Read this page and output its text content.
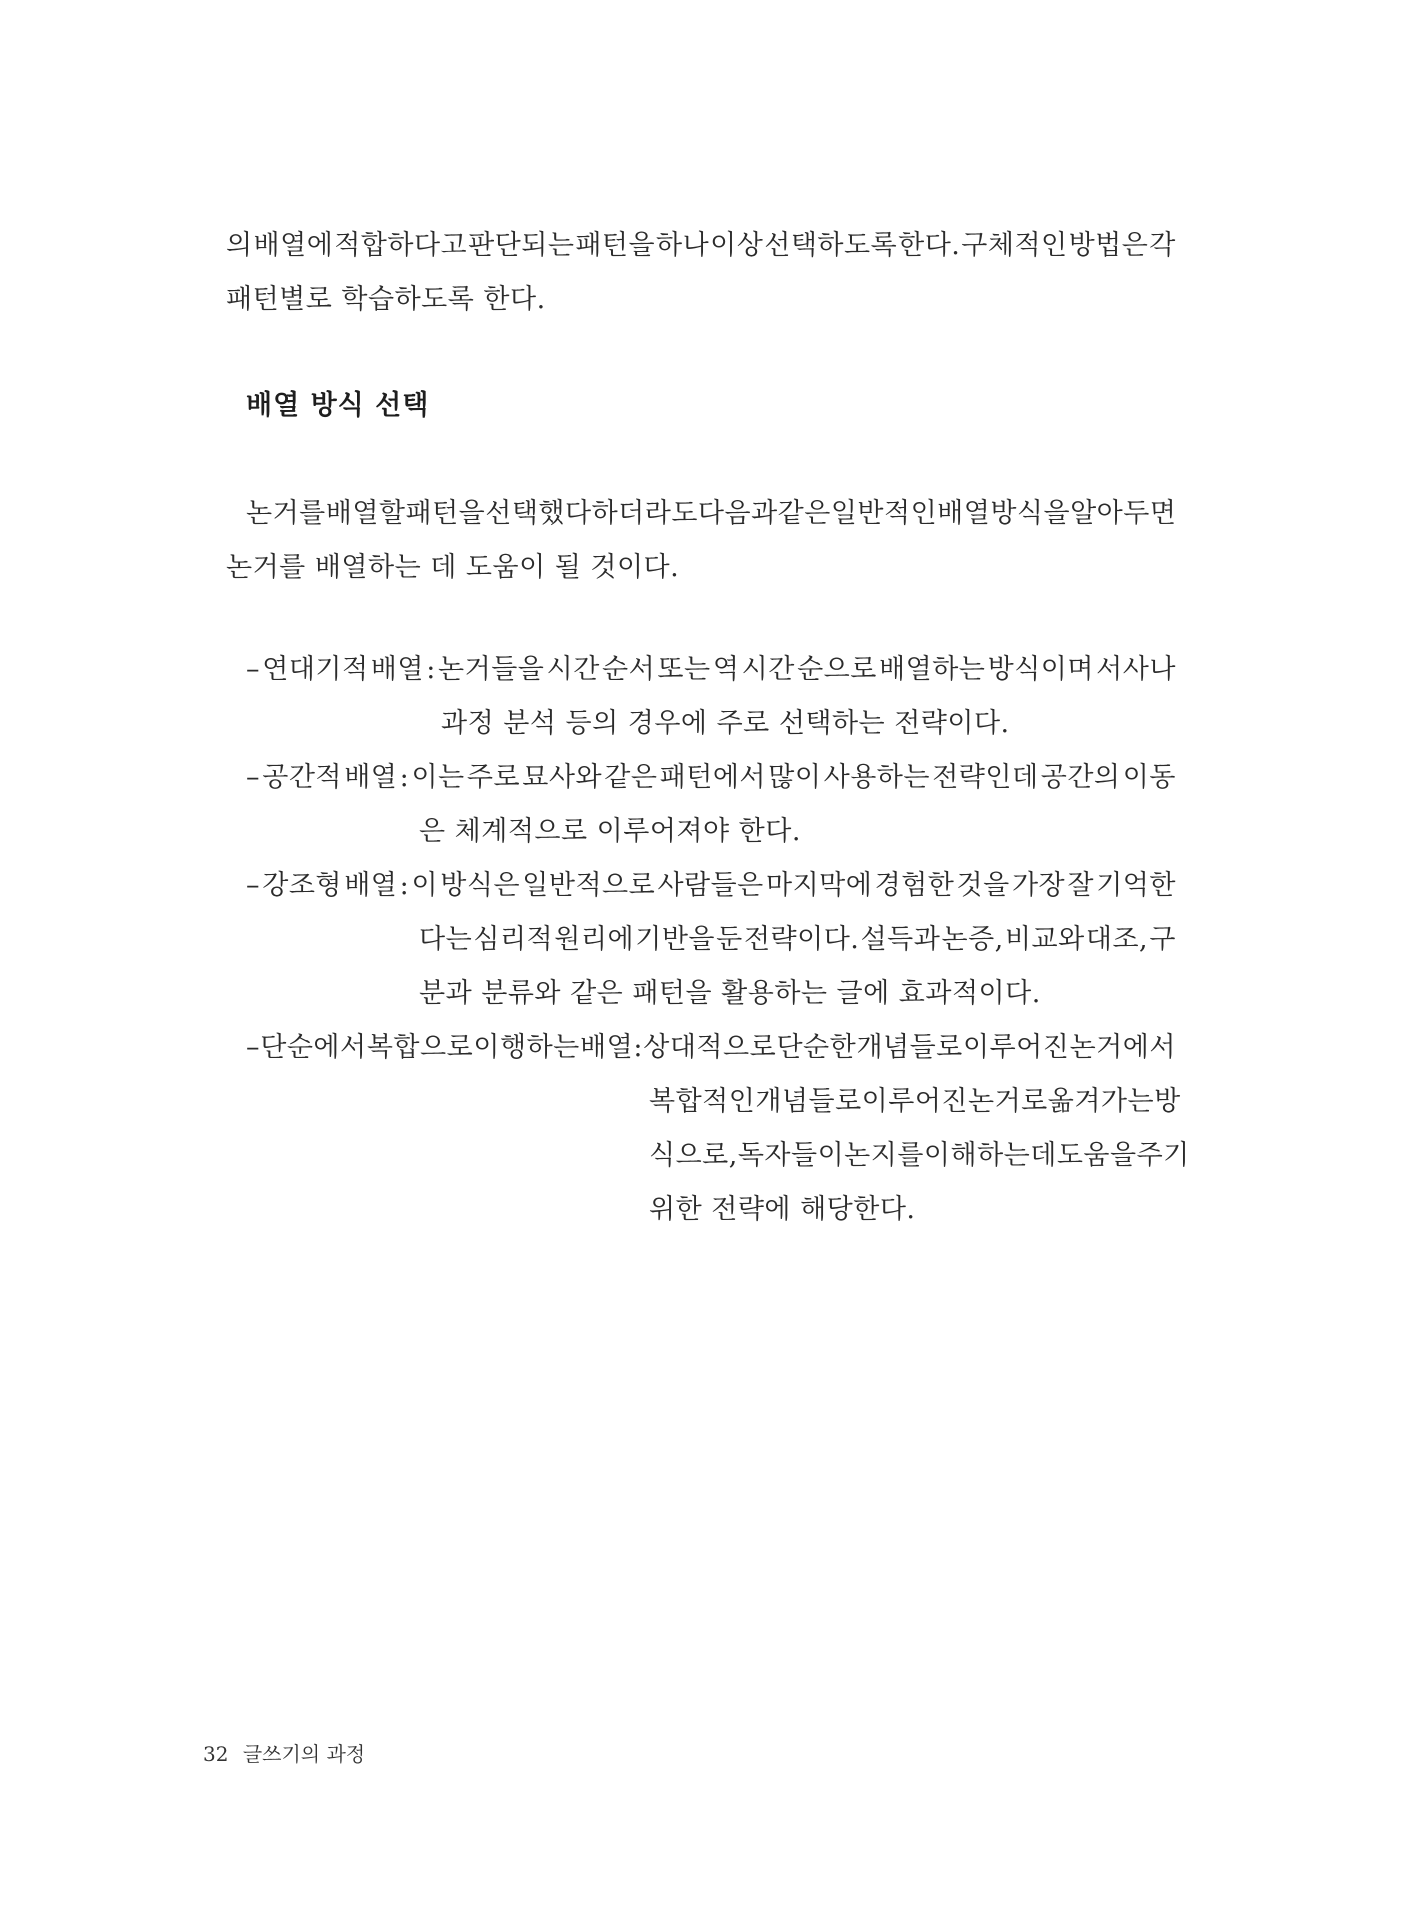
의 배열에 적합하다고 판단되는 패턴을 하나 이상 선택하도록 한다. 구체적인 방법은 각
패턴별로 학습하도록 한다.
배열 방식 선택
논거를 배열할 패턴을 선택했다 하더라도 다음과 같은 일반적인 배열 방식을 알아 두면
논거를 배열하는 데 도움이 될 것이다.
– 연대기적 배열 : 논거들을 시간 순서 또는 역 시간 순으로 배열하는 방식이며 서사나
과정 분석 등의 경우에 주로 선택하는 전략이다.
– 공간적 배열 : 이는 주로 묘사와 같은 패턴에서 많이 사용하는 전략인데 공간의 이동
은 체계적으로 이루어져야 한다.
– 강조형 배열 : 이 방식은 일반적으로 사람들은 마지막에 경험한 것을 가장 잘 기억한
다는 심리적 원리에 기반을 둔 전략이다. 설득과 논증, 비교와 대조, 구
분과 분류와 같은 패턴을 활용하는 글에 효과적이다.
– 단순에서 복합으로 이행하는 배열 : 상대적으로 단순한 개념들로 이루어진 논거에서
복합적인 개념들로 이루어진 논거로 옮겨 가는 방
식으로, 독자들이 논지를 이해하는 데 도움을 주기
위한 전략에 해당한다.
32 글쓰기의 과정
